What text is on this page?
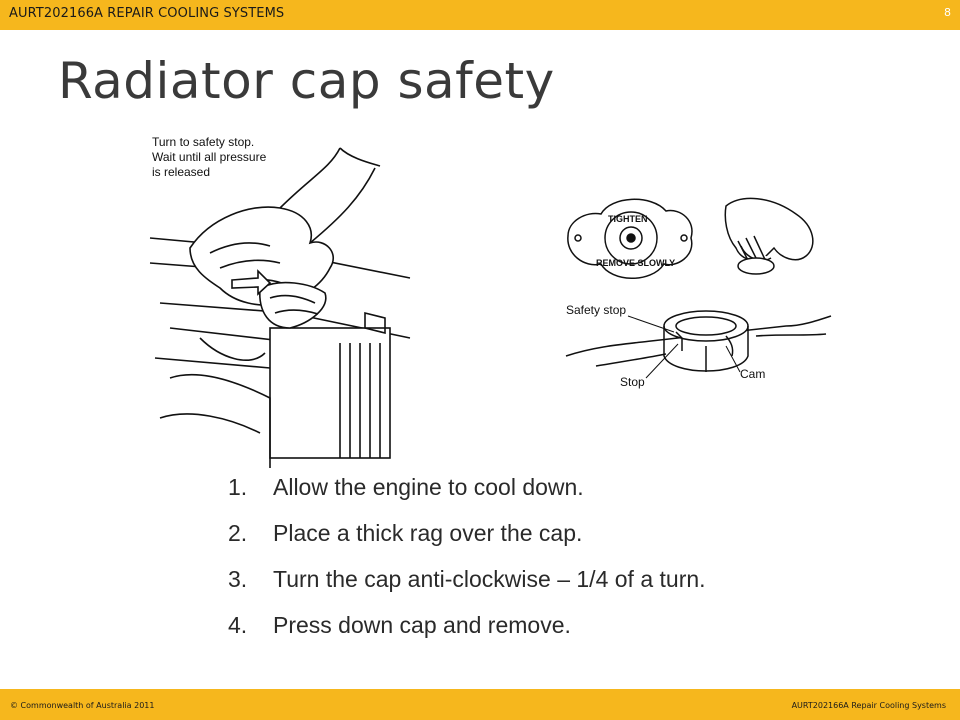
AURT202166A REPAIR COOLING SYSTEMS	8
Radiator cap safety
Turn to safety stop.
Wait until all pressure
is released
TIGHTEN
REMOVE SLOWLY
Safety stop
Stop
Cam
1.	Allow the engine to cool down.
2.	Place a thick rag over the cap.
3.	Turn the cap anti-clockwise – 1/4 of a turn.
4.	Press down cap and remove.
© Commonwealth of Australia 2011	AURT202166A Repair Cooling Systems
